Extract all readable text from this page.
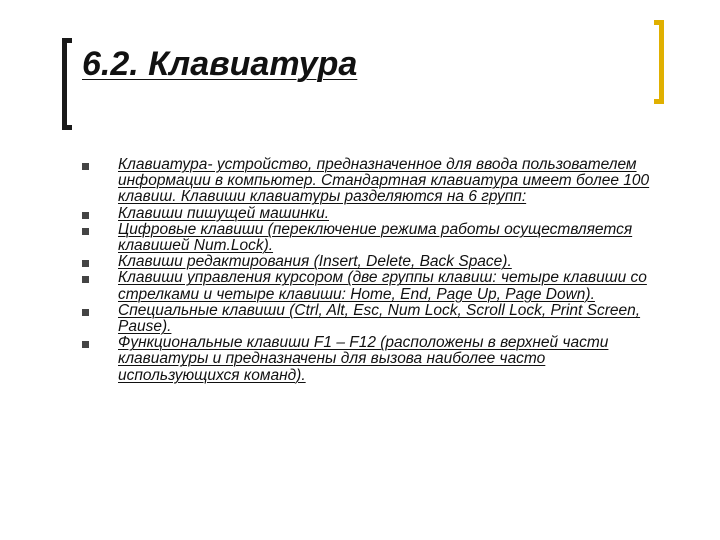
6.2. Клавиатура
Клавиатура- устройство, предназначенное для ввода пользователем информации в компьютер. Стандартная клавиатура имеет более 100 клавиш. Клавиши клавиатуры разделяются на 6 групп:
Клавиши пишущей машинки.
Цифровые клавиши (переключение режима работы осуществляется клавишей Num.Lock).
Клавиши редактирования (Insert, Delete, Back Space).
Клавиши управления курсором (две группы клавиш: четыре клавиши со стрелками и четыре клавиши: Home, End, Page Up, Page Down).
Специальные клавиши (Ctrl, Alt, Esc, Num Lock, Scroll Lock, Print Screen, Pause).
Функциональные клавиши F1 – F12 (расположены в верхней части клавиатуры и предназначены для вызова наиболее часто использующихся команд).
